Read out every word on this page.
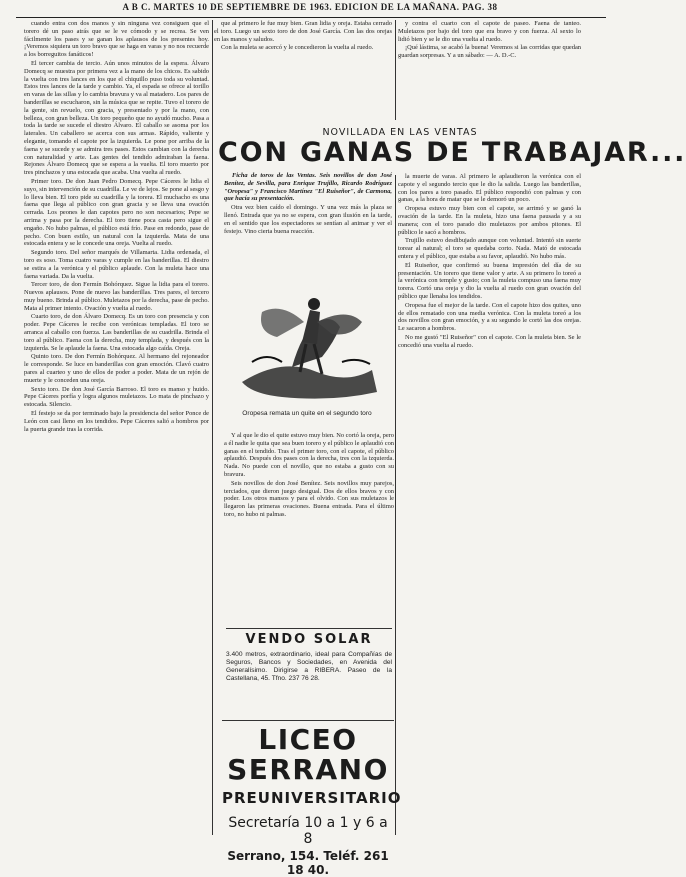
A B C. MARTES 10 DE SEPTIEMBRE DE 1963. EDICION DE LA MAÑANA. PAG. 38

cuando entra con dos manos y sin ninguna vez consiguen que el torero dé un paso atrás que se le ve cómodo y se recrea. Se ven fácilmente los pases y se ganan los aplausos de los presentes hoy. ¡Veremos siquiera un toro bravo que se haga en varas y no nos recuerde a los borreguitos fanáticos!

El tercer cambia de tercio. Aún unos minutos de la espera. Álvaro Domecq se muestra por primera vez a la mano de los chicos. Es sabido la vuelta con tres lances en los que el chiquillo puso toda su voluntad. Estos tres lances de la tarde y cambio. Ya, el espada se ofrece al torillo en varas de las sillas y lo cambia bravura y va al matadero. Los pares de banderillas se escucharon, sin la música que se repite. Tuvo el torero de la gente, sin revuelo, con gracia, y presentado y por la mano, con belleza, con gran belleza. Un toro pequeño que no ayudó mucho. Pasa a toda la tarde se sucede el diestro Álvaro. El caballo se asoma por los laterales. Un caballero se acerca con sus armas. Rápido, valiente y elegante, tomando el capote por la izquierda. Le pone por arriba de la faena y se sucede y se admira tres pases. Estos cambian con la derecha con naturalidad y arte. Las gentes del tendido admiraban la faena. Rejones Álvaro Domecq que se espera a la vuelta. El toro muerto por tres pinchazos y una estocada que acaba. Una vuelta al ruedo.

Primer toro. De don Juan Pedro Domecq. Pepe Cáceres le lidia el suyo, sin intervención de su cuadrilla. Le ve de lejos. Se pone al sesgo y lo lleva bien. El toro pide su cuadrilla y la torera. El muchacho es una faena que llega al público con gran gracia y se lleva una ovación cerrada. Los peones le dan capotes pero no son necesarios; Pepe se arrima y pasa por la derecha. El toro tiene poca casta pero sigue el engaño. No hubo palmas, el público está frío. Pase en redondo, pase de pecho. Con buen estilo, un natural con la izquierda. Mata de una estocada entera y se le concede una oreja. Vuelta al ruedo.

Segundo toro. Del señor marqués de Villamarta. Lidia ordenada, el toro es soso. Toma cuatro varas y cumple en las banderillas. El diestro se estira a la verónica y el público aplaude. Con la muleta hace una faena variada. Da la vuelta.

Tercer toro, de don Fermín Bohórquez. Sigue la lidia para el torero. Nuevos aplausos. Pone de nuevo las banderillas. Tres pares, el tercero muy bueno. Brinda al público. Muletazos por la derecha, pase de pecho. Mata al primer intento. Ovación y vuelta al ruedo.

Cuarto toro, de don Álvaro Domecq. Es un toro con presencia y con poder. Pepe Cáceres le recibe con verónicas templadas. El toro se arranca al caballo con fuerza. Las banderillas de su cuadrilla. Brinda el toro al público. Faena con la derecha, muy templada, y después con la izquierda. Se le aplaude la faena. Una estocada algo caída. Oreja.

Quinto toro. De don Fermín Bohórquez. Al hermano del rejoneador le corresponde. Se luce en banderillas con gran emoción. Clavó cuatro pares al cuarteo y uno de ellos de poder a poder. Mata de un rejón de muerte y le conceden una oreja.

Sexto toro. De don José García Barroso. El toro es manso y huido. Pepe Cáceres porfía y logra algunos muletazos. Lo mata de pinchazo y estocada. Silencio.

El festejo se da por terminado bajo la presidencia del señor Ponce de León con casi lleno en los tendidos. Pepe Cáceres salió a hombros por la puerta grande tras la corrida.

que al primero le fue muy bien. Gran lidia y oreja. Estaba cerrado el toro. Luego un sexto toro de don José García. Con las dos orejas en las manos y saludos.

Con la muleta se acercó y le concedieron la vuelta al ruedo.

y contra el cuarto con el capote de paseo. Faena de tanteo. Muletazos por bajo del toro que era bravo y con fuerza. Al sexto lo lidió bien y se le dio una vuelta al ruedo.

¡Qué lástima, se acabó la buena! Veremos si las corridas que quedan guardan sorpresas. Y a un sábado: — A. D.-C.

NOVILLADA EN LAS VENTAS
CON GANAS DE TRABAJAR...

Ficha de toros de las Ventas. Seis novillos de don José Benítez, de Sevilla, para Enrique Trujillo, Ricardo Rodríguez "Oropesa" y Francisco Martínez "El Ruiseñor", de Carmona, que hacía su presentación.

Otra vez bien caído el domingo. Y una vez más la plaza se llenó. Entrada que ya no se espera, con gran ilusión en la tarde, en el sentido que los espectadores se sentían al animar y ver el festejo. Vino cierta buena reacción.

Oropesa remata un quite en el segundo toro

Y al que le dio el quite estuvo muy bien. No cortó la oreja, pero a él nadie le quita que sea buen torero y el público le aplaudió con ganas en el tendido. Tras el primer toro, con el capote, el público aplaudió. Después dos pases con la derecha, tres con la izquierda. Nada. No puede con el novillo, que no estaba a gusto con su bravura.

Seis novillos de don José Benítez. Seis novillos muy parejos, terciados, que dieron juego desigual. Dos de ellos bravos y con poder. Los otros mansos y para el olvido. Con sus muletazos le llegaron las primeras ovaciones. Buena entrada. Para el último toro, no hubo ni palmas.

VENDO SOLAR
3.400 metros, extraordinario, ideal para Compañías de Seguros, Bancos y Sociedades, en Avenida del Generalísimo. Dirigirse a RIBERA. Paseo de la Castellana, 45. Tfno. 237 76 28.
LICEO SERRANO
PREUNIVERSITARIO
Secretaría 10 a 1 y 6 a 8
Serrano, 154. Teléf. 261 18 40.

la muerte de varas. Al primero le aplaudieron la verónica con el capote y el segundo tercio que le dio la salida. Luego las banderillas, con los pares a toro pasado. El público respondió con palmas y con ganas, a la hora de matar que se le demoró un poco.

Oropesa estuvo muy bien con el capote, se arrimó y se ganó la ovación de la tarde. En la muleta, hizo una faena pausada y a su manera; con el toro parado dio muletazos por ambos pitones. El público le sacó a hombros.

Trujillo estuvo desdibujado aunque con voluntad. Intentó sin suerte torear al natural; el toro se quedaba corto. Nada. Mató de estocada entera y el público, que estaba a su favor, aplaudió. No hubo más.

El Ruiseñor, que confirmó su buena impresión del día de su presentación. Un torero que tiene valor y arte. A su primero lo toreó a la verónica con temple y gusto; con la muleta compuso una faena muy torera. Cortó una oreja y dio la vuelta al ruedo con gran ovación del público que llenaba los tendidos.

Oropesa fue el mejor de la tarde. Con el capote hizo dos quites, uno de ellos rematado con una media verónica. Con la muleta toreó a los dos novillos con gran emoción, y a su segundo le cortó las dos orejas. Le sacaron a hombros.

No me gustó "El Ruiseñor" con el capote. Con la muleta bien. Se le concedió una vuelta al ruedo.
